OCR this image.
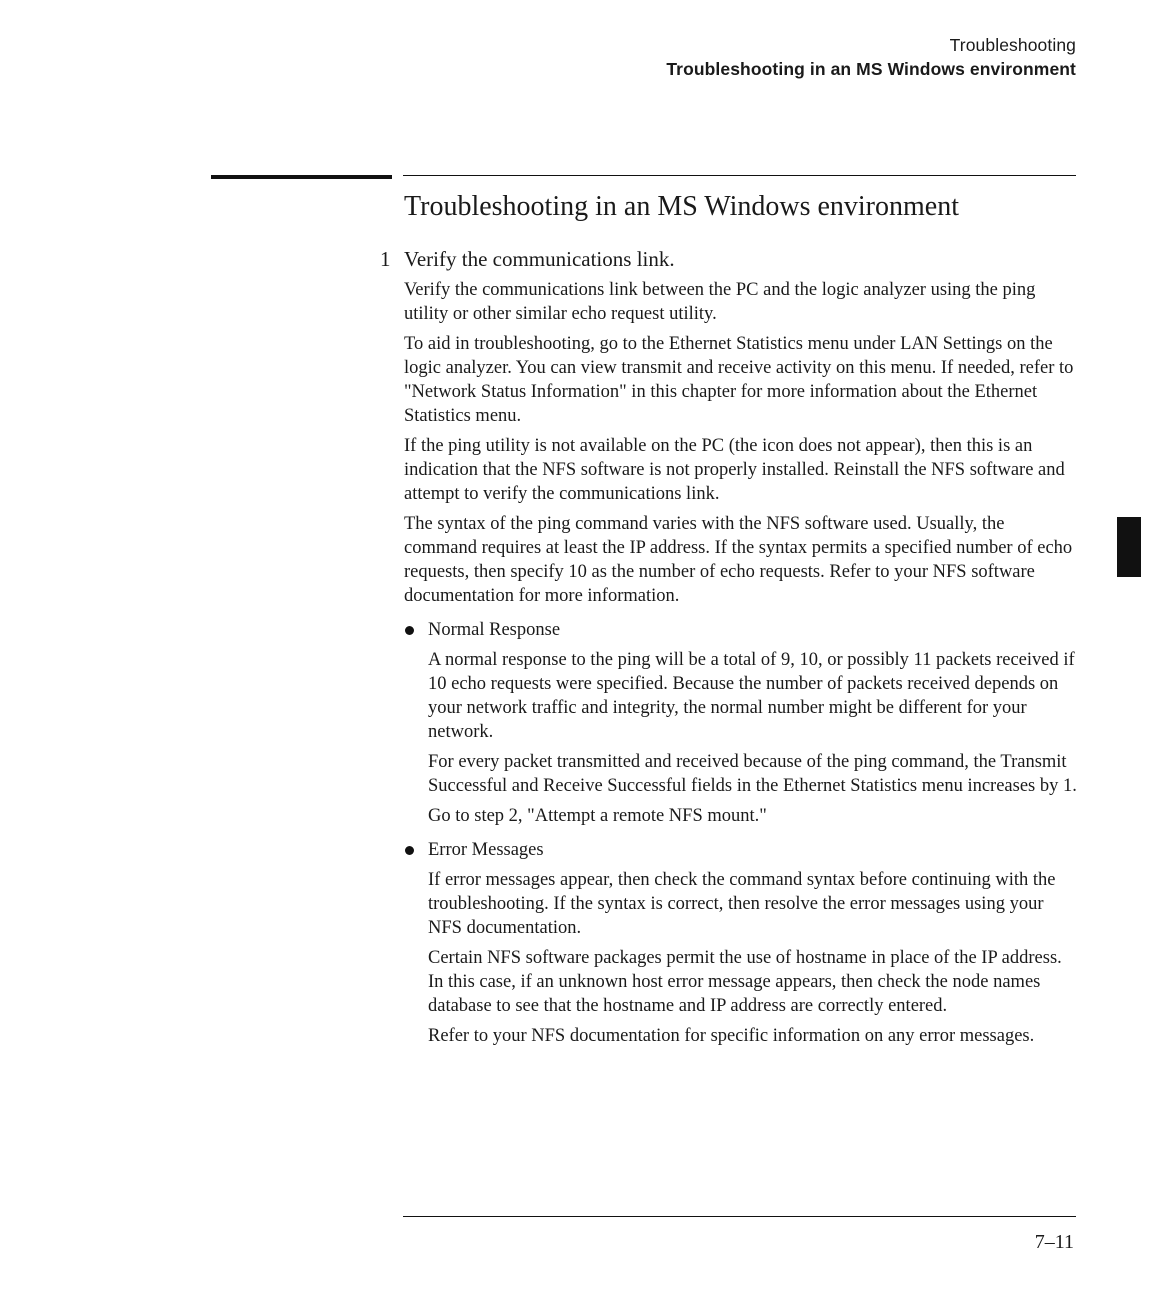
Troubleshooting
Troubleshooting in an MS Windows environment
Troubleshooting in an MS Windows environment
1 Verify the communications link.

Verify the communications link between the PC and the logic analyzer using the ping utility or other similar echo request utility.

To aid in troubleshooting, go to the Ethernet Statistics menu under LAN Settings on the logic analyzer. You can view transmit and receive activity on this menu. If needed, refer to "Network Status Information" in this chapter for more information about the Ethernet Statistics menu.

If the ping utility is not available on the PC (the icon does not appear), then this is an indication that the NFS software is not properly installed. Reinstall the NFS software and attempt to verify the communications link.

The syntax of the ping command varies with the NFS software used. Usually, the command requires at least the IP address. If the syntax permits a specified number of echo requests, then specify 10 as the number of echo requests. Refer to your NFS software documentation for more information.

Normal Response

A normal response to the ping will be a total of 9, 10, or possibly 11 packets received if 10 echo requests were specified. Because the number of packets received depends on your network traffic and integrity, the normal number might be different for your network.

For every packet transmitted and received because of the ping command, the Transmit Successful and Receive Successful fields in the Ethernet Statistics menu increases by 1.

Go to step 2, "Attempt a remote NFS mount."

Error Messages

If error messages appear, then check the command syntax before continuing with the troubleshooting. If the syntax is correct, then resolve the error messages using your NFS documentation.

Certain NFS software packages permit the use of hostname in place of the IP address. In this case, if an unknown host error message appears, then check the node names database to see that the hostname and IP address are correctly entered.

Refer to your NFS documentation for specific information on any error messages.

7–11
